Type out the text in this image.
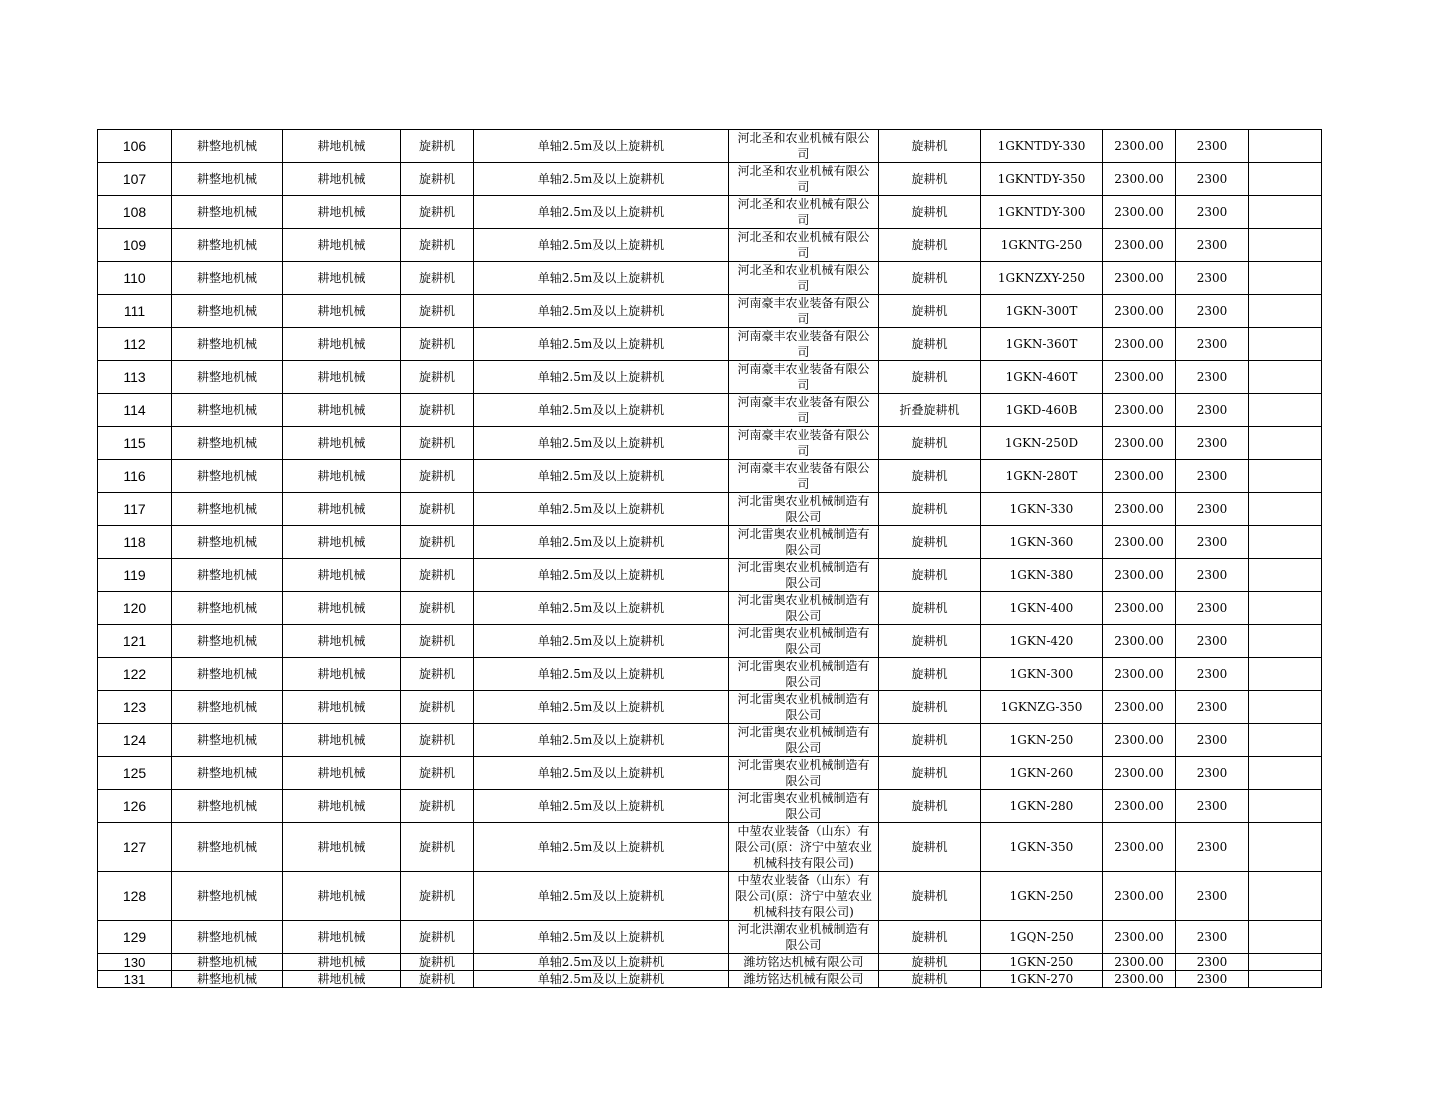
106	耕整地机械	耕地机械	旋耕机	单轴2.5m及以上旋耕机	河北圣和农业机械有限公司	旋耕机	1GKNTDY-330	2300.00	2300	
107	耕整地机械	耕地机械	旋耕机	单轴2.5m及以上旋耕机	河北圣和农业机械有限公司	旋耕机	1GKNTDY-350	2300.00	2300	
108	耕整地机械	耕地机械	旋耕机	单轴2.5m及以上旋耕机	河北圣和农业机械有限公司	旋耕机	1GKNTDY-300	2300.00	2300	
109	耕整地机械	耕地机械	旋耕机	单轴2.5m及以上旋耕机	河北圣和农业机械有限公司	旋耕机	1GKNTG-250	2300.00	2300	
110	耕整地机械	耕地机械	旋耕机	单轴2.5m及以上旋耕机	河北圣和农业机械有限公司	旋耕机	1GKNZXY-250	2300.00	2300	
111	耕整地机械	耕地机械	旋耕机	单轴2.5m及以上旋耕机	河南豪丰农业装备有限公司	旋耕机	1GKN-300T	2300.00	2300	
112	耕整地机械	耕地机械	旋耕机	单轴2.5m及以上旋耕机	河南豪丰农业装备有限公司	旋耕机	1GKN-360T	2300.00	2300	
113	耕整地机械	耕地机械	旋耕机	单轴2.5m及以上旋耕机	河南豪丰农业装备有限公司	旋耕机	1GKN-460T	2300.00	2300	
114	耕整地机械	耕地机械	旋耕机	单轴2.5m及以上旋耕机	河南豪丰农业装备有限公司	折叠旋耕机	1GKD-460B	2300.00	2300	
115	耕整地机械	耕地机械	旋耕机	单轴2.5m及以上旋耕机	河南豪丰农业装备有限公司	旋耕机	1GKN-250D	2300.00	2300	
116	耕整地机械	耕地机械	旋耕机	单轴2.5m及以上旋耕机	河南豪丰农业装备有限公司	旋耕机	1GKN-280T	2300.00	2300	
117	耕整地机械	耕地机械	旋耕机	单轴2.5m及以上旋耕机	河北雷奥农业机械制造有限公司	旋耕机	1GKN-330	2300.00	2300	
118	耕整地机械	耕地机械	旋耕机	单轴2.5m及以上旋耕机	河北雷奥农业机械制造有限公司	旋耕机	1GKN-360	2300.00	2300	
119	耕整地机械	耕地机械	旋耕机	单轴2.5m及以上旋耕机	河北雷奥农业机械制造有限公司	旋耕机	1GKN-380	2300.00	2300	
120	耕整地机械	耕地机械	旋耕机	单轴2.5m及以上旋耕机	河北雷奥农业机械制造有限公司	旋耕机	1GKN-400	2300.00	2300	
121	耕整地机械	耕地机械	旋耕机	单轴2.5m及以上旋耕机	河北雷奥农业机械制造有限公司	旋耕机	1GKN-420	2300.00	2300	
122	耕整地机械	耕地机械	旋耕机	单轴2.5m及以上旋耕机	河北雷奥农业机械制造有限公司	旋耕机	1GKN-300	2300.00	2300	
123	耕整地机械	耕地机械	旋耕机	单轴2.5m及以上旋耕机	河北雷奥农业机械制造有限公司	旋耕机	1GKNZG-350	2300.00	2300	
124	耕整地机械	耕地机械	旋耕机	单轴2.5m及以上旋耕机	河北雷奥农业机械制造有限公司	旋耕机	1GKN-250	2300.00	2300	
125	耕整地机械	耕地机械	旋耕机	单轴2.5m及以上旋耕机	河北雷奥农业机械制造有限公司	旋耕机	1GKN-260	2300.00	2300	
126	耕整地机械	耕地机械	旋耕机	单轴2.5m及以上旋耕机	河北雷奥农业机械制造有限公司	旋耕机	1GKN-280	2300.00	2300	
127	耕整地机械	耕地机械	旋耕机	单轴2.5m及以上旋耕机	中堃农业装备（山东）有限公司(原：济宁中堃农业机械科技有限公司)	旋耕机	1GKN-350	2300.00	2300	
128	耕整地机械	耕地机械	旋耕机	单轴2.5m及以上旋耕机	中堃农业装备（山东）有限公司(原：济宁中堃农业机械科技有限公司)	旋耕机	1GKN-250	2300.00	2300	
129	耕整地机械	耕地机械	旋耕机	单轴2.5m及以上旋耕机	河北洪潮农业机械制造有限公司	旋耕机	1GQN-250	2300.00	2300	
130	耕整地机械	耕地机械	旋耕机	单轴2.5m及以上旋耕机	潍坊铭达机械有限公司	旋耕机	1GKN-250	2300.00	2300	
131	耕整地机械	耕地机械	旋耕机	单轴2.5m及以上旋耕机	潍坊铭达机械有限公司	旋耕机	1GKN-270	2300.00	2300	
